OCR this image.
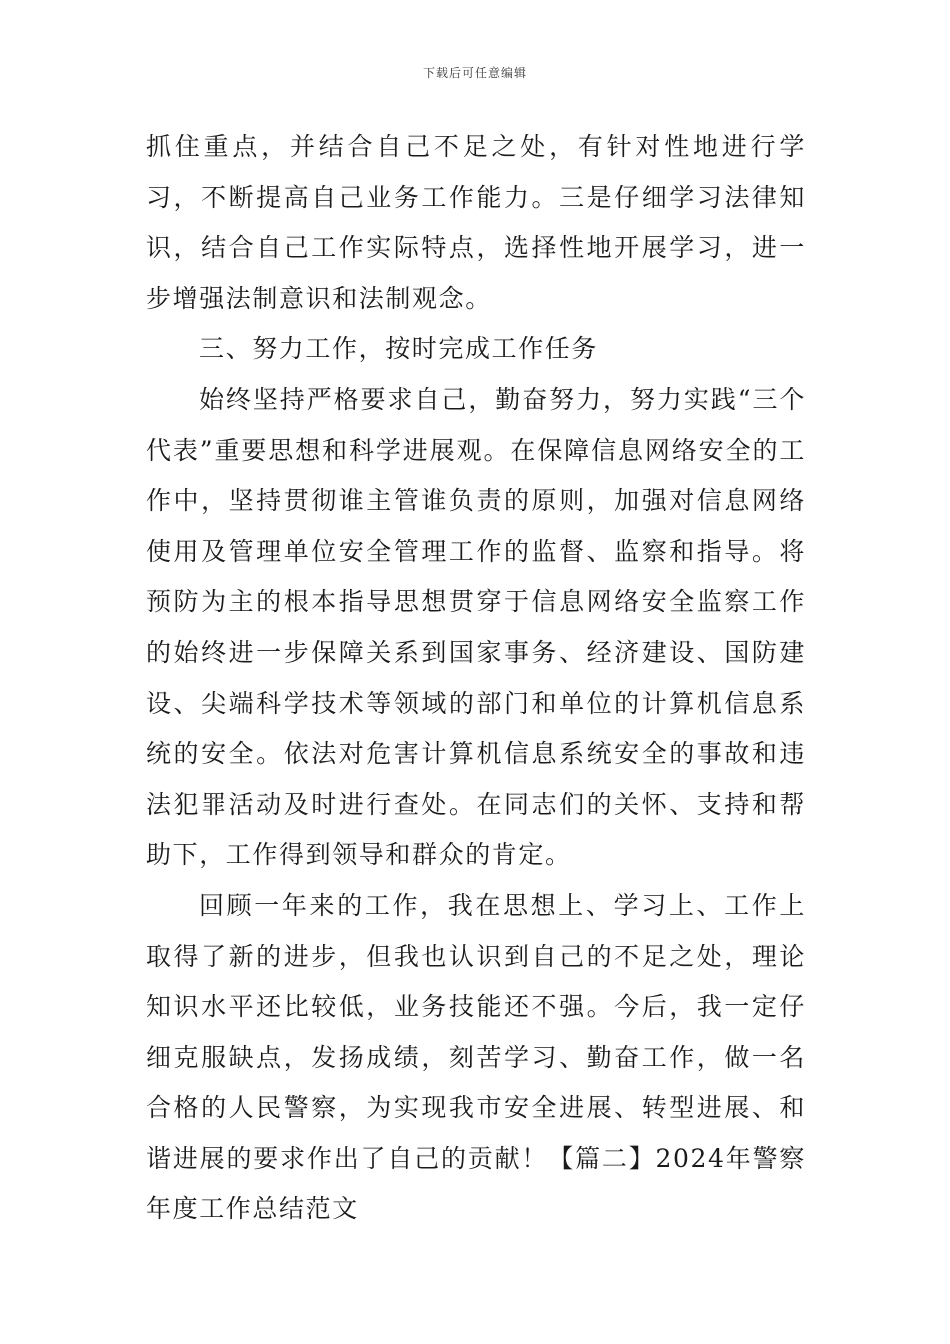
下载后可任意编辑

抓住重点，并结合自己不足之处，有针对性地进行学习，不断提高自己业务工作能力。三是仔细学习法律知识，结合自己工作实际特点，选择性地开展学习，进一步增强法制意识和法制观念。

三、努力工作，按时完成工作任务

始终坚持严格要求自己，勤奋努力，努力实践“三个代表”重要思想和科学进展观。在保障信息网络安全的工作中，坚持贯彻谁主管谁负责的原则，加强对信息网络使用及管理单位安全管理工作的监督、监察和指导。将预防为主的根本指导思想贯穿于信息网络安全监察工作的始终进一步保障关系到国家事务、经济建设、国防建设、尖端科学技术等领域的部门和单位的计算机信息系统的安全。依法对危害计算机信息系统安全的事故和违法犯罪活动及时进行查处。在同志们的关怀、支持和帮助下，工作得到领导和群众的肯定。

回顾一年来的工作，我在思想上、学习上、工作上取得了新的进步，但我也认识到自己的不足之处，理论知识水平还比较低，业务技能还不强。今后，我一定仔细克服缺点，发扬成绩，刻苦学习、勤奋工作，做一名合格的人民警察，为实现我市安全进展、转型进展、和谐进展的要求作出了自己的贡献！【篇二】2024年警察年度工作总结范文
